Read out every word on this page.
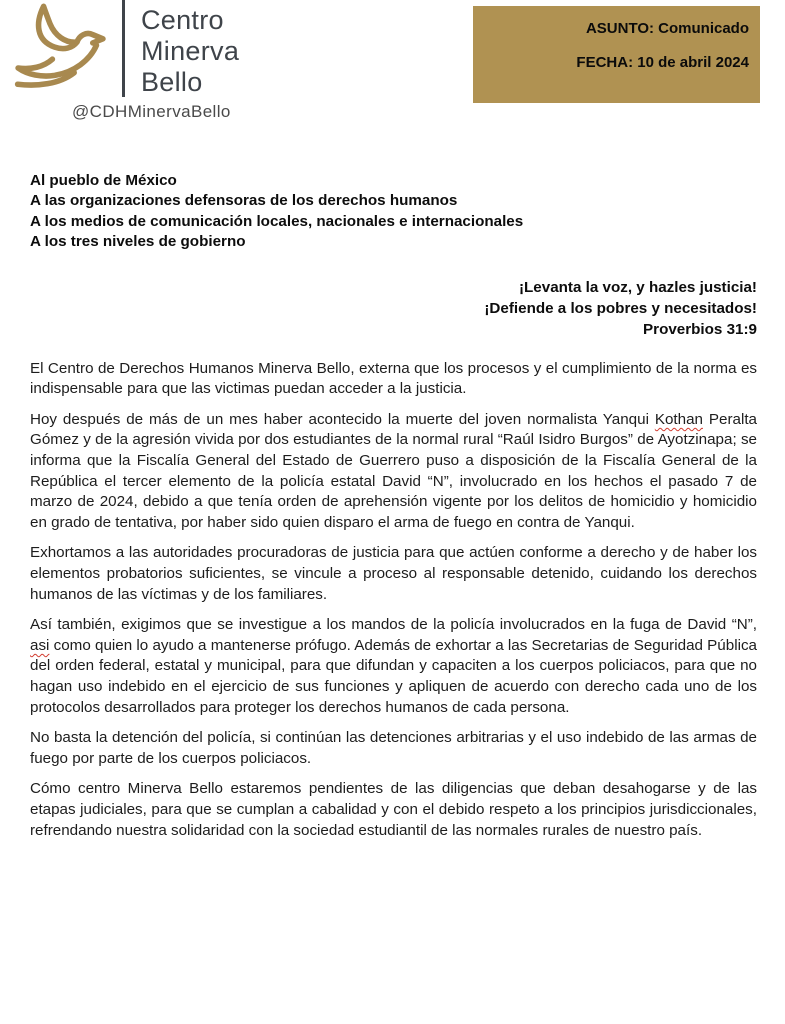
Centro
Minerva
Bello
@CDHMinervaBello
ASUNTO: Comunicado
FECHA: 10 de abril 2024
Al pueblo de México
A las organizaciones defensoras de los derechos humanos
A los medios de comunicación locales, nacionales e internacionales
A los tres niveles de gobierno
¡Levanta la voz, y hazles justicia!
¡Defiende a los pobres y necesitados!
Proverbios 31:9

El Centro de Derechos Humanos Minerva Bello, externa que los procesos y el cumplimiento de la norma es indispensable para que las victimas puedan acceder a la justicia.

Hoy después de más de un mes haber acontecido la muerte del joven normalista Yanqui Kothan Peralta Gómez y de la agresión vivida por dos estudiantes de la normal rural “Raúl Isidro Burgos” de Ayotzinapa; se informa que la Fiscalía General del Estado de Guerrero puso a disposición de la Fiscalía General de la República el tercer elemento de la policía estatal David “N”, involucrado en los hechos el pasado 7 de marzo de 2024, debido a que tenía orden de aprehensión vigente por los delitos de homicidio y homicidio en grado de tentativa, por haber sido quien disparo el arma de fuego en contra de Yanqui.

Exhortamos a las autoridades procuradoras de justicia para que actúen conforme a derecho y de haber los elementos probatorios suficientes, se vincule a proceso al responsable detenido, cuidando los derechos humanos de las víctimas y de los familiares.

Así también, exigimos que se investigue a los mandos de la policía involucrados en la fuga de David “N”, asi como quien lo ayudo a mantenerse prófugo. Además de exhortar a las Secretarias de Seguridad Pública del orden federal, estatal y municipal, para que difundan y capaciten a los cuerpos policiacos, para que no hagan uso indebido en el ejercicio de sus funciones y apliquen de acuerdo con derecho cada uno de los protocolos desarrollados para proteger los derechos humanos de cada persona.

No basta la detención del policía, si continúan las detenciones arbitrarias y el uso indebido de las armas de fuego por parte de los cuerpos policiacos.

Cómo centro Minerva Bello estaremos pendientes de las diligencias que deban desahogarse y de las etapas judiciales, para que se cumplan a cabalidad y con el debido respeto a los principios jurisdiccionales, refrendando nuestra solidaridad con la sociedad estudiantil de las normales rurales de nuestro país.
